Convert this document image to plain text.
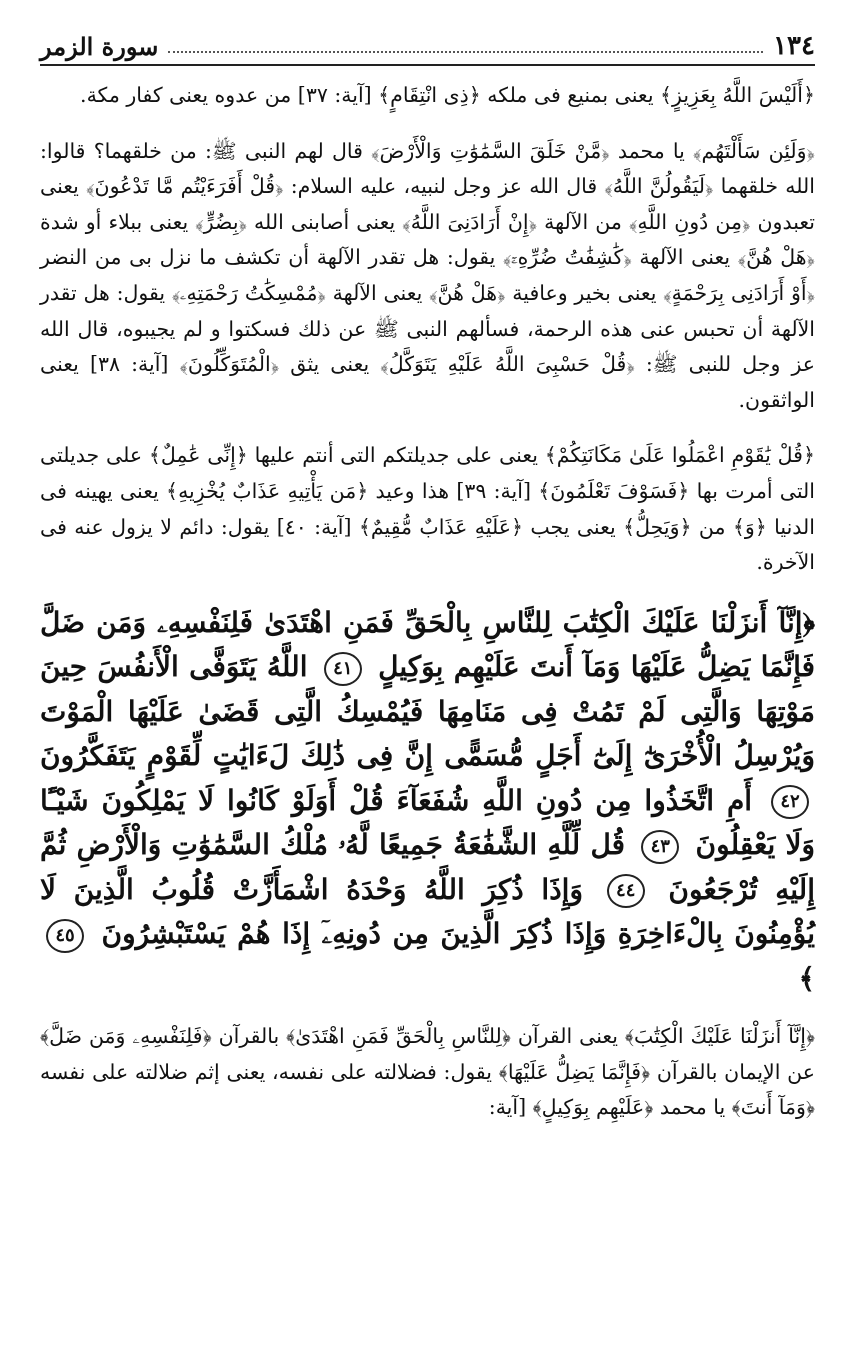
١٣٤
سورة الزمر

﴿أَلَيْسَ اللَّهُ بِعَزِيزٍ﴾ يعنى بمنيع فى ملكه ﴿ذِى انْتِقَامٍ﴾ [آية: ٣٧] من عدوه يعنى كفار مكة.

﴿وَلَئِن سَأَلْتَهُم﴾ يا محمد ﴿مَّنْ خَلَقَ السَّمَٰوَٰتِ وَالْأَرْضَ﴾ قال لهم النبى ﷺ: من خلقهما؟ قالوا: الله خلقهما ﴿لَيَقُولُنَّ اللَّهُ﴾ قال الله عز وجل لنبيه، عليه السلام: ﴿قُلْ أَفَرَءَيْتُم مَّا تَدْعُونَ﴾ يعنى تعبدون ﴿مِن دُونِ اللَّهِ﴾ من الآلهة ﴿إِنْ أَرَادَنِىَ اللَّهُ﴾ يعنى أصابنى الله ﴿بِضُرٍّ﴾ يعنى ببلاء أو شدة ﴿هَلْ هُنَّ﴾ يعنى الآلهة ﴿كَٰشِفَٰتُ ضُرِّهِۦٓ﴾ يقول: هل تقدر الآلهة أن تكشف ما نزل بى من النضر ﴿أَوْ أَرَادَنِى بِرَحْمَةٍ﴾ يعنى بخير وعافية ﴿هَلْ هُنَّ﴾ يعنى الآلهة ﴿مُمْسِكَٰتُ رَحْمَتِهِۦ﴾ يقول: هل تقدر الآلهة أن تحبس عنى هذه الرحمة، فسألهم النبى ﷺ عن ذلك فسكتوا و لم يجيبوه، قال الله عز وجل للنبى ﷺ: ﴿قُلْ حَسْبِىَ اللَّهُ عَلَيْهِ يَتَوَكَّلُ﴾ يعنى يثق ﴿الْمُتَوَكِّلُونَ﴾ [آية: ٣٨] يعنى الواثقون.

﴿قُلْ يَٰقَوْمِ اعْمَلُوا عَلَىٰ مَكَانَتِكُمْ﴾ يعنى على جديلتكم التى أنتم عليها ﴿إِنِّى عَٰمِلٌ﴾ على جديلتى التى أمرت بها ﴿فَسَوْفَ تَعْلَمُونَ﴾ [آية: ٣٩] هذا وعيد ﴿مَن يَأْتِيهِ عَذَابٌ يُخْزِيهِ﴾ يعنى يهينه فى الدنيا ﴿وَ﴾ من ﴿وَيَحِلُّ﴾ يعنى يجب ﴿عَلَيْهِ عَذَابٌ مُّقِيمٌ﴾ [آية: ٤٠] يقول: دائم لا يزول عنه فى الآخرة.

﴿إِنَّآ أَنزَلْنَا عَلَيْكَ الْكِتَٰبَ لِلنَّاسِ بِالْحَقِّ فَمَنِ اهْتَدَىٰ فَلِنَفْسِهِۦ وَمَن ضَلَّ فَإِنَّمَا يَضِلُّ عَلَيْهَا وَمَآ أَنتَ عَلَيْهِم بِوَكِيلٍ ٤١ اللَّهُ يَتَوَفَّى الْأَنفُسَ حِينَ مَوْتِهَا وَالَّتِى لَمْ تَمُتْ فِى مَنَامِهَا فَيُمْسِكُ الَّتِى قَضَىٰ عَلَيْهَا الْمَوْتَ وَيُرْسِلُ الْأُخْرَىٰٓ إِلَىٰٓ أَجَلٍ مُّسَمًّى إِنَّ فِى ذَٰلِكَ لَءَايَٰتٍ لِّقَوْمٍ يَتَفَكَّرُونَ ٤٢ أَمِ اتَّخَذُوا مِن دُونِ اللَّهِ شُفَعَآءَ قُلْ أَوَلَوْ كَانُوا لَا يَمْلِكُونَ شَيْـًٔا وَلَا يَعْقِلُونَ ٤٣ قُل لِّلَّهِ الشَّفَٰعَةُ جَمِيعًا لَّهُۥ مُلْكُ السَّمَٰوَٰتِ وَالْأَرْضِ ثُمَّ إِلَيْهِ تُرْجَعُونَ ٤٤ وَإِذَا ذُكِرَ اللَّهُ وَحْدَهُ اشْمَأَزَّتْ قُلُوبُ الَّذِينَ لَا يُؤْمِنُونَ بِالْءَاخِرَةِ وَإِذَا ذُكِرَ الَّذِينَ مِن دُونِهِۦٓ إِذَا هُمْ يَسْتَبْشِرُونَ ٤٥ ﴾

﴿إِنَّآ أَنزَلْنَا عَلَيْكَ الْكِتَٰبَ﴾ يعنى القرآن ﴿لِلنَّاسِ بِالْحَقِّ فَمَنِ اهْتَدَىٰ﴾ بالقرآن ﴿فَلِنَفْسِهِۦ وَمَن ضَلَّ﴾ عن الإيمان بالقرآن ﴿فَإِنَّمَا يَضِلُّ عَلَيْهَا﴾ يقول: فضلالته على نفسه، يعنى إثم ضلالته على نفسه ﴿وَمَآ أَنتَ﴾ يا محمد ﴿عَلَيْهِم بِوَكِيلٍ﴾ [آية:
